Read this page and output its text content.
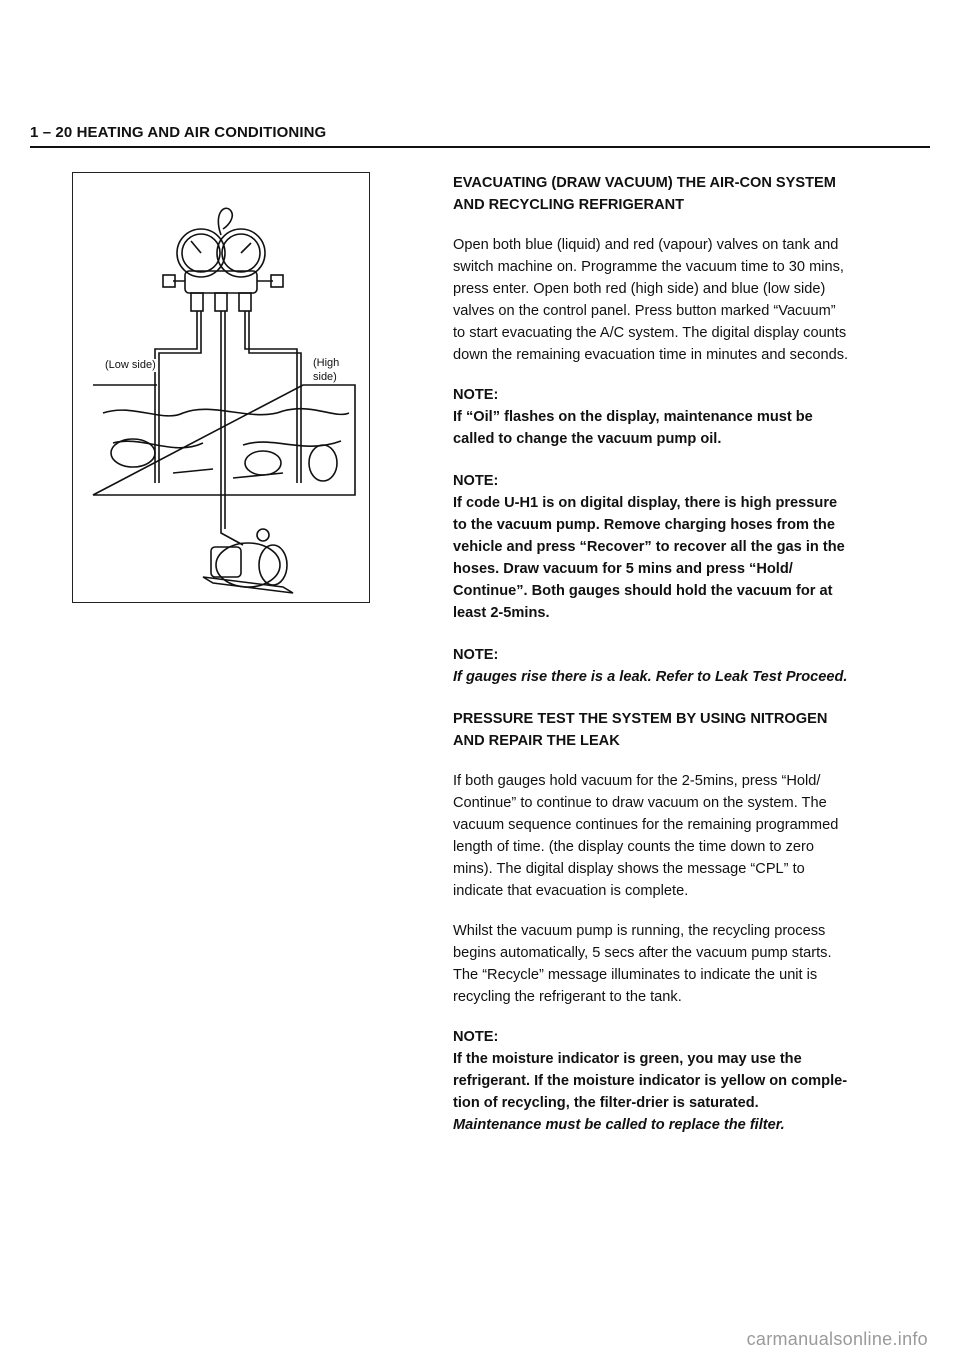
1 – 20 HEATING AND AIR CONDITIONING
(Low side)	(High
side)
EVACUATING (DRAW VACUUM) THE AIR-CON SYSTEM
AND RECYCLING REFRIGERANT
Open both blue (liquid) and red (vapour) valves on tank and
switch machine on. Programme the vacuum time to 30 mins,
press enter. Open both red (high side) and blue (low side)
valves on the control panel. Press button marked “Vacuum”
to start evacuating the A/C system. The digital display counts
down the remaining evacuation time in minutes and seconds.
NOTE:
If “Oil” flashes on the display, maintenance must be
called to change the vacuum pump oil.
NOTE:
If code U-H1 is on digital display, there is high pressure
to the vacuum pump. Remove charging hoses from the
vehicle and press “Recover” to recover all the gas in the
hoses. Draw vacuum for 5 mins and press “Hold/
Continue”. Both gauges should hold the vacuum for at
least 2-5mins.
NOTE:
If gauges rise there is a leak. Refer to Leak Test Proceed.
PRESSURE TEST THE SYSTEM BY USING NITROGEN
AND REPAIR THE LEAK
If both gauges hold vacuum for the 2-5mins, press “Hold/
Continue” to continue to draw vacuum on the system. The
vacuum sequence continues for the remaining programmed
length of time. (the display counts the time down to zero
mins). The digital display shows the message “CPL” to
indicate that evacuation is complete.
Whilst the vacuum pump is running, the recycling process
begins automatically, 5 secs after the vacuum pump starts.
The “Recycle” message illuminates to indicate the unit is
recycling the refrigerant to the tank.
NOTE:
If the moisture indicator is green, you may use the
refrigerant. If the moisture indicator is yellow on comple-
tion of recycling, the filter-drier is saturated.
Maintenance must be called to replace the filter.
carmanualsonline.info
